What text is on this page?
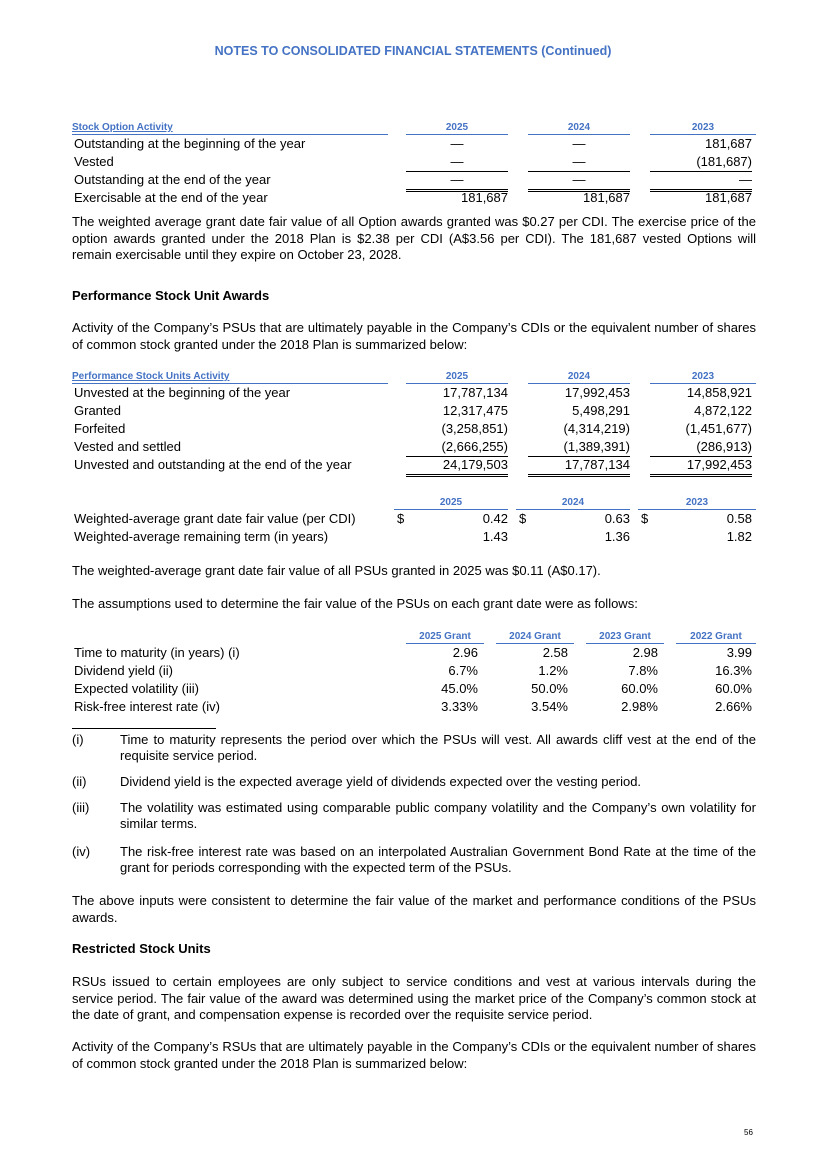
NOTES TO CONSOLIDATED FINANCIAL STATEMENTS (Continued)
Stock Option Activity	2025	2024	2023
Outstanding at the beginning of the year	—	—	181,687
Vested	—	—	(181,687)
Outstanding at the end of the year	—	—	—
Exercisable at the end of the year	181,687	181,687	181,687
The weighted average grant date fair value of all Option awards granted was $0.27 per CDI. The exercise price of the option awards granted under the 2018 Plan is $2.38 per CDI (A$3.56 per CDI). The 181,687 vested Options will remain exercisable until they expire on October 23, 2028.
Performance Stock Unit Awards
Activity of the Company’s PSUs that are ultimately payable in the Company’s CDIs or the equivalent number of shares of common stock granted under the 2018 Plan is summarized below:
Performance Stock Units Activity	2025	2024	2023
Unvested at the beginning of the year	17,787,134	17,992,453	14,858,921
Granted	12,317,475	5,498,291	4,872,122
Forfeited	(3,258,851)	(4,314,219)	(1,451,677)
Vested and settled	(2,666,255)	(1,389,391)	(286,913)
Unvested and outstanding at the end of the year	24,179,503	17,787,134	17,992,453
2025	2024	2023
Weighted-average grant date fair value (per CDI)	$	0.42 $	0.63 $	0.58
Weighted-average remaining term (in years)	1.43	1.36	1.82
The weighted-average grant date fair value of all PSUs granted in 2025 was $0.11 (A$0.17).
The assumptions used to determine the fair value of the PSUs on each grant date were as follows:
2025 Grant	2024 Grant	2023 Grant	2022 Grant
Time to maturity (in years) (i)	2.96	2.58	2.98	3.99
Dividend yield (ii)	6.7%	1.2%	7.8%	16.3%
Expected volatility (iii)	45.0%	50.0%	60.0%	60.0%
Risk-free interest rate (iv)	3.33%	3.54%	2.98%	2.66%
(i)	Time to maturity represents the period over which the PSUs will vest. All awards cliff vest at the end of the requisite service period.
(ii)	Dividend yield is the expected average yield of dividends expected over the vesting period.
(iii) The volatility was estimated using comparable public company volatility and the Company’s own volatility for similar terms.
(iv) The risk-free interest rate was based on an interpolated Australian Government Bond Rate at the time of the grant for periods corresponding with the expected term of the PSUs.
The above inputs were consistent to determine the fair value of the market and performance conditions of the PSUs awards.
Restricted Stock Units
RSUs issued to certain employees are only subject to service conditions and vest at various intervals during the service period. The fair value of the award was determined using the market price of the Company’s common stock at the date of grant, and compensation expense is recorded over the requisite service period.
Activity of the Company’s RSUs that are ultimately payable in the Company’s CDIs or the equivalent number of shares of common stock granted under the 2018 Plan is summarized below:
56
